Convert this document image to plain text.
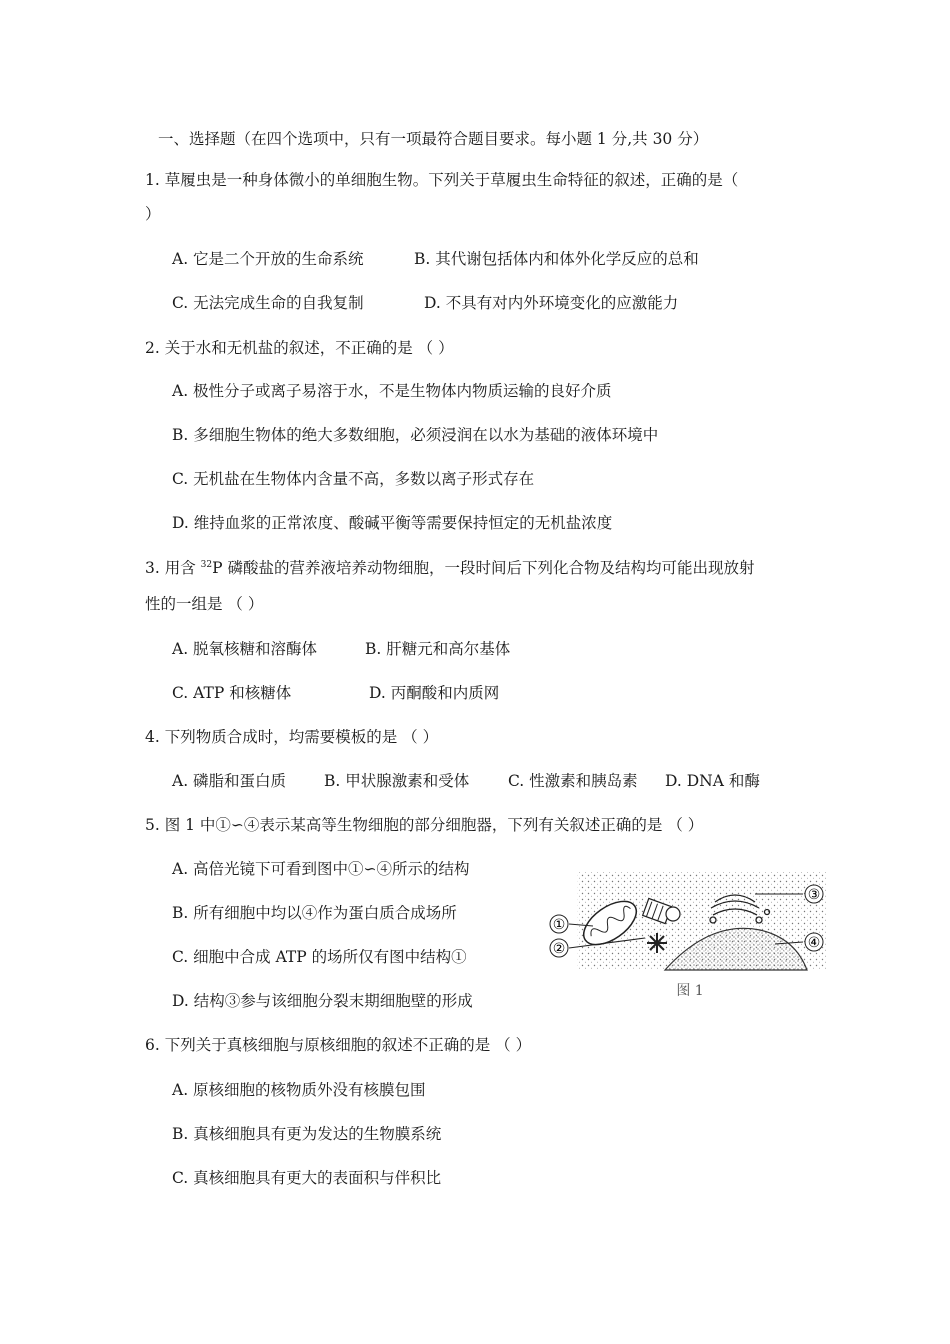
一、选择题（在四个选项中，只有一项最符合题目要求。每小题 1 分,共 30 分）
1. 草履虫是一种身体微小的单细胞生物。下列关于草履虫生命特征的叙述，正确的是（
）
A. 它是二个开放的生命系统	B. 其代谢包括体内和体外化学反应的总和
C. 无法完成生命的自我复制	D. 不具有对内外环境变化的应激能力
2. 关于水和无机盐的叙述，不正确的是 （ ）
A. 极性分子或离子易溶于水，不是生物体内物质运输的良好介质
B. 多细胞生物体的绝大多数细胞，必须浸润在以水为基础的液体环境中
C. 无机盐在生物体内含量不高，多数以离子形式存在
D. 维持血浆的正常浓度、酸碱平衡等需要保持恒定的无机盐浓度
3. 用含 $^{32}$P 磷酸盐的营养液培养动物细胞，一段时间后下列化合物及结构均可能出现放射
性的一组是 （ ）
A. 脱氧核糖和溶酶体	B. 肝糖元和高尔基体
C. ATP 和核糖体	D. 丙酮酸和内质网
4. 下列物质合成时，均需要模板的是 （ ）
A. 磷脂和蛋白质 B. 甲状腺激素和受体	C. 性激素和胰岛素 D. DNA 和酶
5. 图 1 中①∽④表示某高等生物细胞的部分细胞器，下列有关叙述正确的是 （ ）
A. 高倍光镜下可看到图中①∽④所示的结构
B. 所有细胞中均以④作为蛋白质合成场所
C. 细胞中合成 ATP 的场所仅有图中结构①
D. 结构③参与该细胞分裂末期细胞壁的形成
①
②
③
④
图 1
6. 下列关于真核细胞与原核细胞的叙述不正确的是 （ ）
A. 原核细胞的核物质外没有核膜包围
B. 真核细胞具有更为发达的生物膜系统
C. 真核细胞具有更大的表面积与伴积比
